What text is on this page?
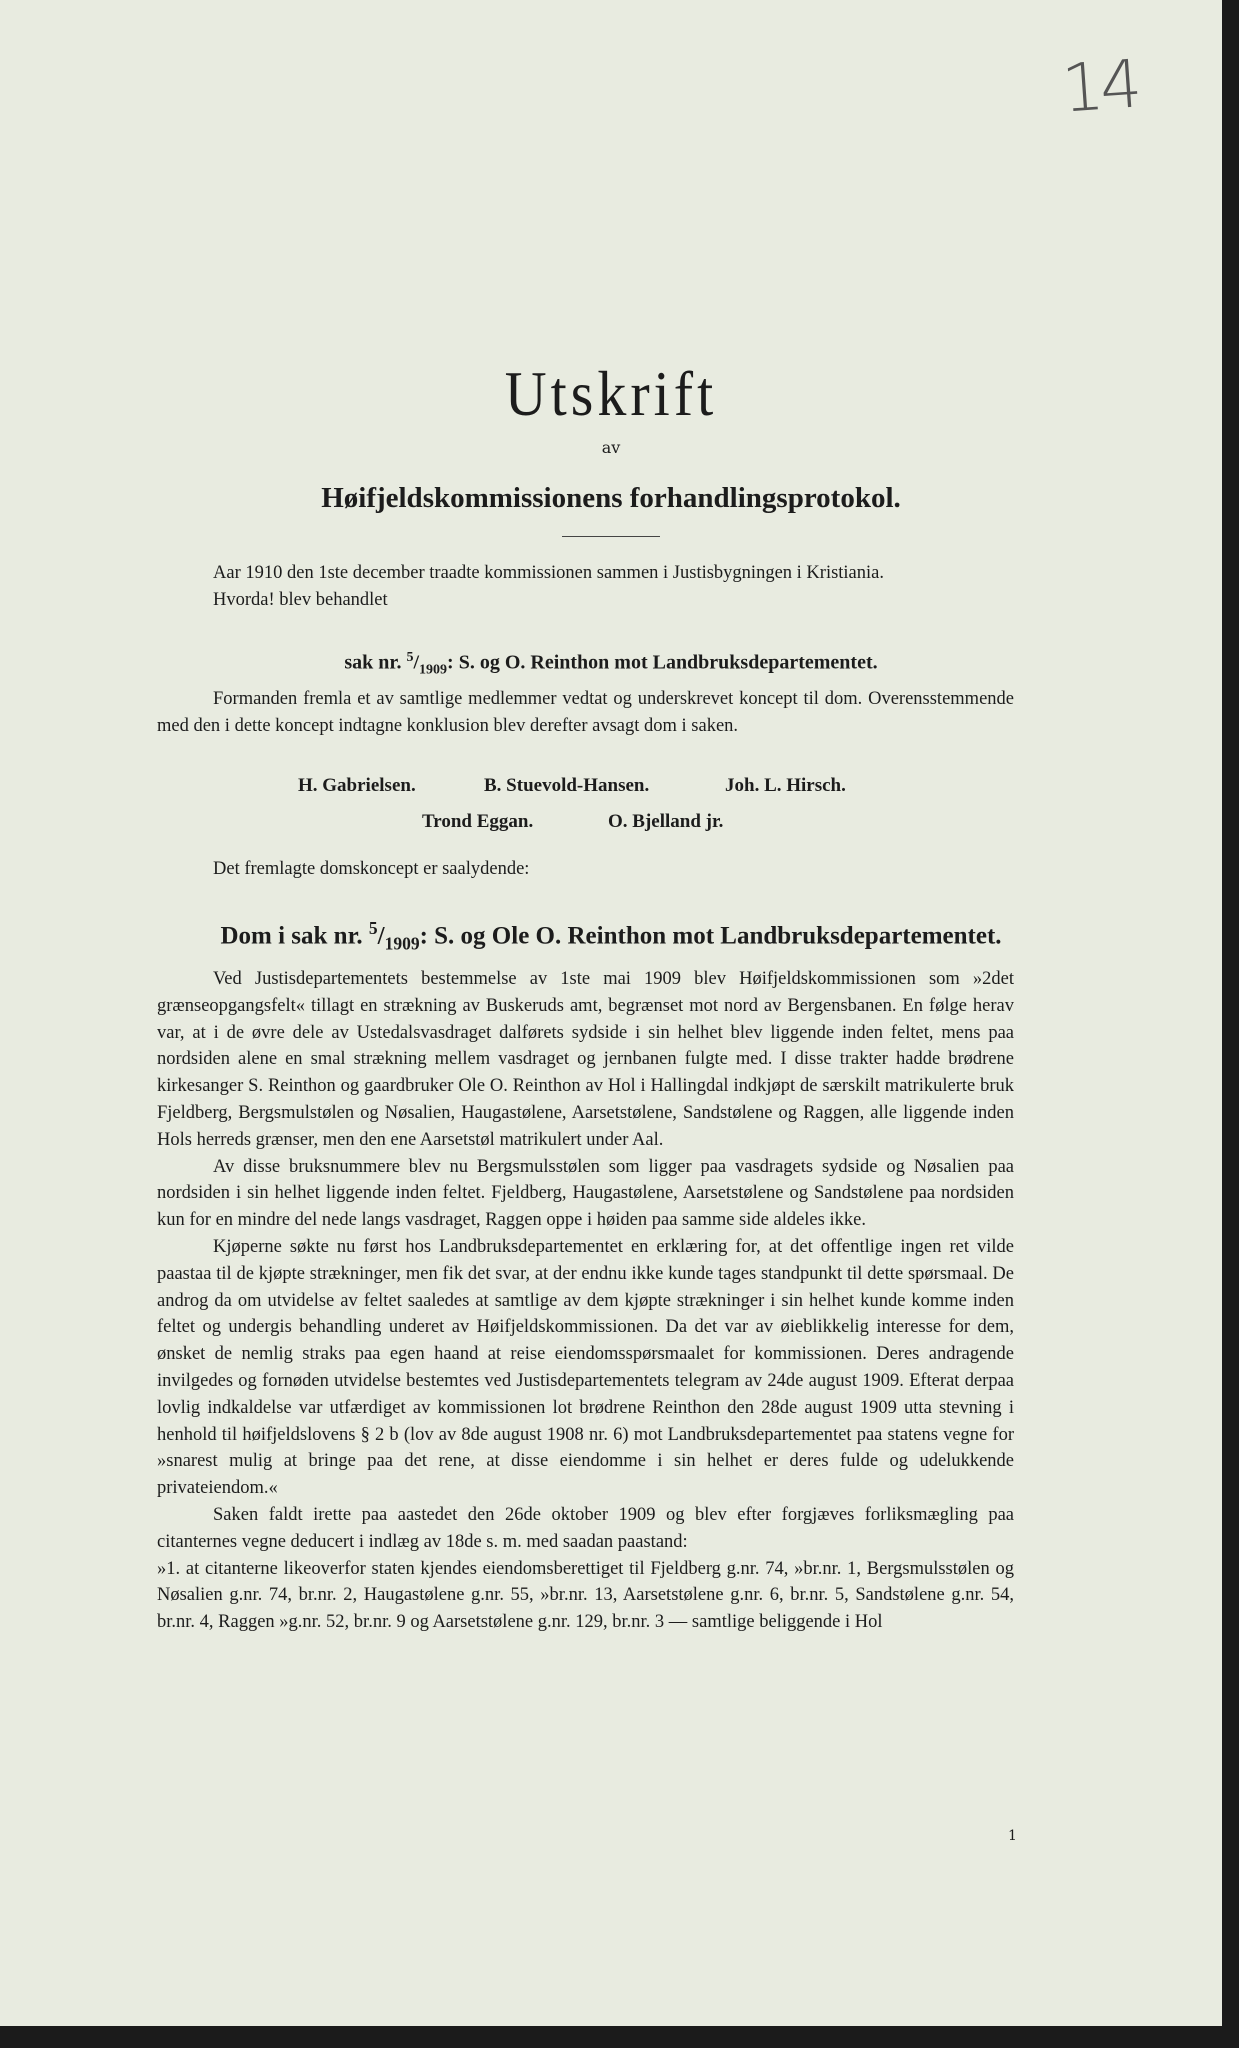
14
Utskrift
av
Høifjeldskommissionens forhandlingsprotokol.

Aar 1910 den 1ste december traadte kommissionen sammen i Justisbygningen i Kristiania.

Hvorda! blev behandlet

sak nr. $^5/_{1909}$: S. og O. Reinthon mot Landbruksdepartementet.

Formanden fremla et av samtlige medlemmer vedtat og underskrevet koncept til dom. Overensstemmende med den i dette koncept indtagne konklusion blev derefter avsagt dom i saken.

H. Gabrielsen.	B. Stuevold-Hansen.	Joh. L. Hirsch.
Trond Eggan.	O. Bjelland jr.

Det fremlagte domskoncept er saalydende:

Dom i sak nr. $^5/_{1909}$: S. og Ole O. Reinthon mot Landbruksdepartementet.

Ved Justisdepartementets bestemmelse av 1ste mai 1909 blev Høifjeldskommissionen som »2det grænseopgangsfelt« tillagt en strækning av Buskeruds amt, begrænset mot nord av Bergensbanen. En følge herav var, at i de øvre dele av Ustedalsvasdraget dalførets sydside i sin helhet blev liggende inden feltet, mens paa nordsiden alene en smal strækning mellem vasdraget og jernbanen fulgte med. I disse trakter hadde brødrene kirkesanger S. Reinthon og gaardbruker Ole O. Reinthon av Hol i Hallingdal indkjøpt de særskilt matrikulerte bruk Fjeldberg, Bergsmulstølen og Nøsalien, Haugastølene, Aarsetstølene, Sandstølene og Raggen, alle liggende inden Hols herreds grænser, men den ene Aarsetstøl matrikulert under Aal.

Av disse bruksnummere blev nu Bergsmulsstølen som ligger paa vasdragets sydside og Nøsalien paa nordsiden i sin helhet liggende inden feltet. Fjeldberg, Haugastølene, Aarsetstølene og Sandstølene paa nordsiden kun for en mindre del nede langs vasdraget, Raggen oppe i høiden paa samme side aldeles ikke.

Kjøperne søkte nu først hos Landbruksdepartementet en erklæring for, at det offentlige ingen ret vilde paastaa til de kjøpte strækninger, men fik det svar, at der endnu ikke kunde tages standpunkt til dette spørsmaal. De androg da om utvidelse av feltet saaledes at samtlige av dem kjøpte strækninger i sin helhet kunde komme inden feltet og undergis behandling underet av Høifjeldskommissionen. Da det var av øieblikkelig interesse for dem, ønsket de nemlig straks paa egen haand at reise eiendomsspørsmaalet for kommissionen. Deres andragende invilgedes og fornøden utvidelse bestemtes ved Justisdepartementets telegram av 24de august 1909. Efterat derpaa lovlig indkaldelse var utfærdiget av kommissionen lot brødrene Reinthon den 28de august 1909 utta stevning i henhold til høifjeldslovens § 2 b (lov av 8de august 1908 nr. 6) mot Landbruksdepartementet paa statens vegne for »snarest mulig at bringe paa det rene, at disse eiendomme i sin helhet er deres fulde og udelukkende privateiendom.«

Saken faldt irette paa aastedet den 26de oktober 1909 og blev efter forgjæves forliksmægling paa citanternes vegne deducert i indlæg av 18de s. m. med saadan paastand:

»1. at citanterne likeoverfor staten kjendes eiendomsberettiget til Fjeldberg g.nr. 74, »br.nr. 1, Bergsmulsstølen og Nøsalien g.nr. 74, br.nr. 2, Haugastølene g.nr. 55, »br.nr. 13, Aarsetstølene g.nr. 6, br.nr. 5, Sandstølene g.nr. 54, br.nr. 4, Raggen »g.nr. 52, br.nr. 9 og Aarsetstølene g.nr. 129, br.nr. 3 — samtlige beliggende i Hol

1
